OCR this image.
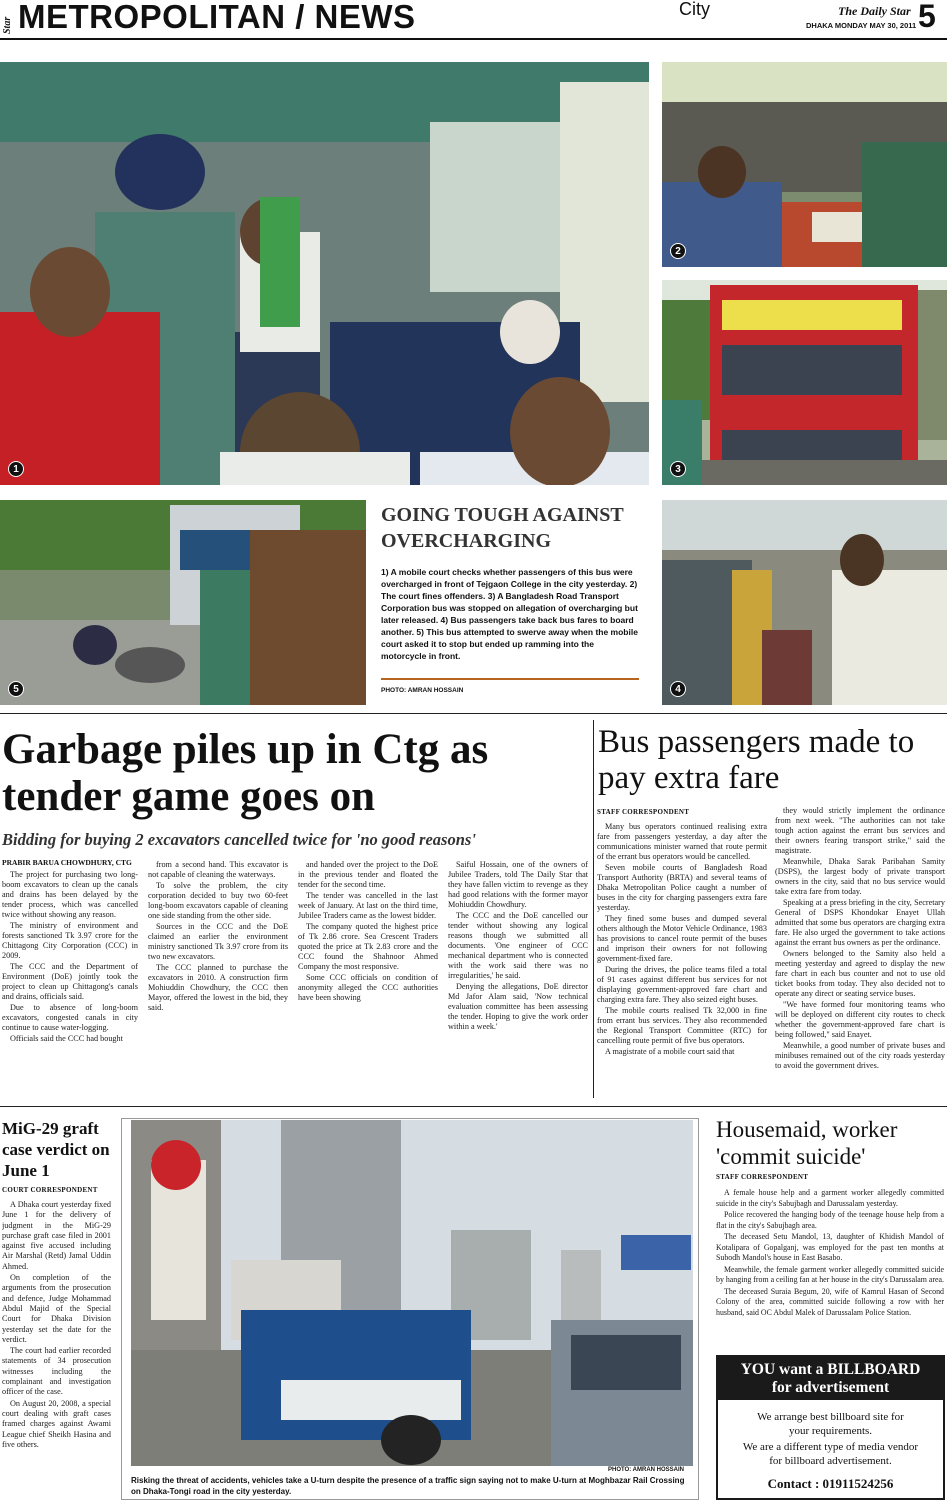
Star METROPOLITAN / NEWS	City	The Daily Star
DHAKA MONDAY MAY 30, 2011 5
1
2
3
5
GOING TOUGH AGAINST OVERCHARGING
1) A mobile court checks whether passengers of this bus were overcharged in front of Tejgaon College in the city yesterday. 2) The court fines offenders. 3) A Bangladesh Road Transport Corporation bus was stopped on allegation of overcharging but later released. 4) Bus passengers take back bus fares to board another. 5) This bus attempted to swerve away when the mobile court asked it to stop but ended up ramming into the motorcycle in front.
PHOTO: AMRAN HOSSAIN	4
Garbage piles up in Ctg as tender game goes on
Bidding for buying 2 excavators cancelled twice for 'no good reasons'
PRABIR BARUA CHOWDHURY, CTG

The project for purchasing two long-boom excavators to clean up the canals and drains has been delayed by the tender process, which was cancelled twice without showing any reason.

The ministry of environment and forests sanctioned Tk 3.97 crore for the Chittagong City Corporation (CCC) in 2009.

The CCC and the Department of Environment (DoE) jointly took the project to clean up Chittagong's canals and drains, officials said.

Due to absence of long-boom excavators, congested canals in city continue to cause water-logging.

Officials said the CCC had bought

from a second hand. This excavator is not capable of cleaning the waterways.

To solve the problem, the city corporation decided to buy two 60-feet long-boom excavators capable of cleaning one side standing from the other side.

Sources in the CCC and the DoE claimed an earlier the environment ministry sanctioned Tk 3.97 crore from its two new excavators.

The CCC planned to purchase the excavators in 2010. A construction firm Mohiuddin Chowdhury, the CCC then Mayor, offered the lowest in the bid, they said.

and handed over the project to the DoE in the previous tender and floated the tender for the second time.

The tender was cancelled in the last week of January. At last on the third time, Jubilee Traders came as the lowest bidder.

The company quoted the highest price of Tk 2.86 crore. Sea Crescent Traders quoted the price at Tk 2.83 crore and the CCC found the Shahnoor Ahmed Company the most responsive.

Some CCC officials on condition of anonymity alleged the CCC authorities have been showing

Saiful Hossain, one of the owners of Jubilee Traders, told The Daily Star that they have fallen victim to revenge as they had good relations with the former mayor Mohiuddin Chowdhury.

The CCC and the DoE cancelled our tender without showing any logical reasons though we submitted all documents. 'One engineer of CCC mechanical department who is connected with the work said there was no irregularities,' he said.

Denying the allegations, DoE director Md Jafor Alam said, 'Now technical evaluation committee has been assessing the tender. Hoping to give the work order within a week.'

Bus passengers made to pay extra fare
STAFF CORRESPONDENT

Many bus operators continued realising extra fare from passengers yesterday, a day after the communications minister warned that route permit of the errant bus operators would be cancelled.

Seven mobile courts of Bangladesh Road Transport Authority (BRTA) and several teams of Dhaka Metropolitan Police caught a number of buses in the city for charging passengers extra fare yesterday.

They fined some buses and dumped several others although the Motor Vehicle Ordinance, 1983 has provisions to cancel route permit of the buses and imprison their owners for not following government-fixed fare.

During the drives, the police teams filed a total of 91 cases against different bus services for not displaying government-approved fare chart and charging extra fare. They also seized eight buses.

The mobile courts realised Tk 32,000 in fine from errant bus services. They also recommended the Regional Transport Committee (RTC) for cancelling route permit of five bus operators.

A magistrate of a mobile court said that

they would strictly implement the ordinance from next week. "The authorities can not take tough action against the errant bus services and their owners fearing transport strike," said the magistrate.

Meanwhile, Dhaka Sarak Paribahan Samity (DSPS), the largest body of private transport owners in the city, said that no bus service would take extra fare from today.

Speaking at a press briefing in the city, Secretary General of DSPS Khondokar Enayet Ullah admitted that some bus operators are charging extra fare. He also urged the government to take actions against the errant bus owners as per the ordinance.

Owners belonged to the Samity also held a meeting yesterday and agreed to display the new fare chart in each bus counter and not to use old ticket books from today. They also decided not to operate any direct or seating service buses.

"We have formed four monitoring teams who will be deployed on different city routes to check whether the government-approved fare chart is being followed," said Enayet.

Meanwhile, a good number of private buses and minibuses remained out of the city roads yesterday to avoid the government drives.

MiG-29 graft case verdict on June 1
COURT CORRESPONDENT

A Dhaka court yesterday fixed June 1 for the delivery of judgment in the MiG-29 purchase graft case filed in 2001 against five accused including Air Marshal (Retd) Jamal Uddin Ahmed.

On completion of the arguments from the prosecution and defence, Judge Mohammad Abdul Majid of the Special Court for Dhaka Division yesterday set the date for the verdict.

The court had earlier recorded statements of 34 prosecution witnesses including the complainant and investigation officer of the case.

On August 20, 2008, a special court dealing with graft cases framed charges against Awami League chief Sheikh Hasina and five others.

PHOTO: AMRAN HOSSAIN
Risking the threat of accidents, vehicles take a U-turn despite the presence of a traffic sign saying not to make U-turn at Moghbazar Rail Crossing on Dhaka-Tongi road in the city yesterday.
Housemaid, worker 'commit suicide'
STAFF CORRESPONDENT

A female house help and a garment worker allegedly committed suicide in the city's Sabujbagh and Darussalam yesterday.

Police recovered the hanging body of the teenage house help from a flat in the city's Sabujbagh area.

The deceased Setu Mandol, 13, daughter of Khidish Mandol of Kotalipara of Gopalganj, was employed for the past ten months at Subodh Mandol's house in East Basabo.

Meanwhile, the female garment worker allegedly committed suicide by hanging from a ceiling fan at her house in the city's Darussalam area.

The deceased Suraia Begum, 20, wife of Kamrul Hasan of Second Colony of the area, committed suicide following a row with her husband, said OC Abdul Malek of Darussalam Police Station.

YOU want a BILLBOARD
for advertisement
We arrange best billboard site for your requirements.
We are a different type of media vendor for billboard advertisement.
Contact : 01911524256
